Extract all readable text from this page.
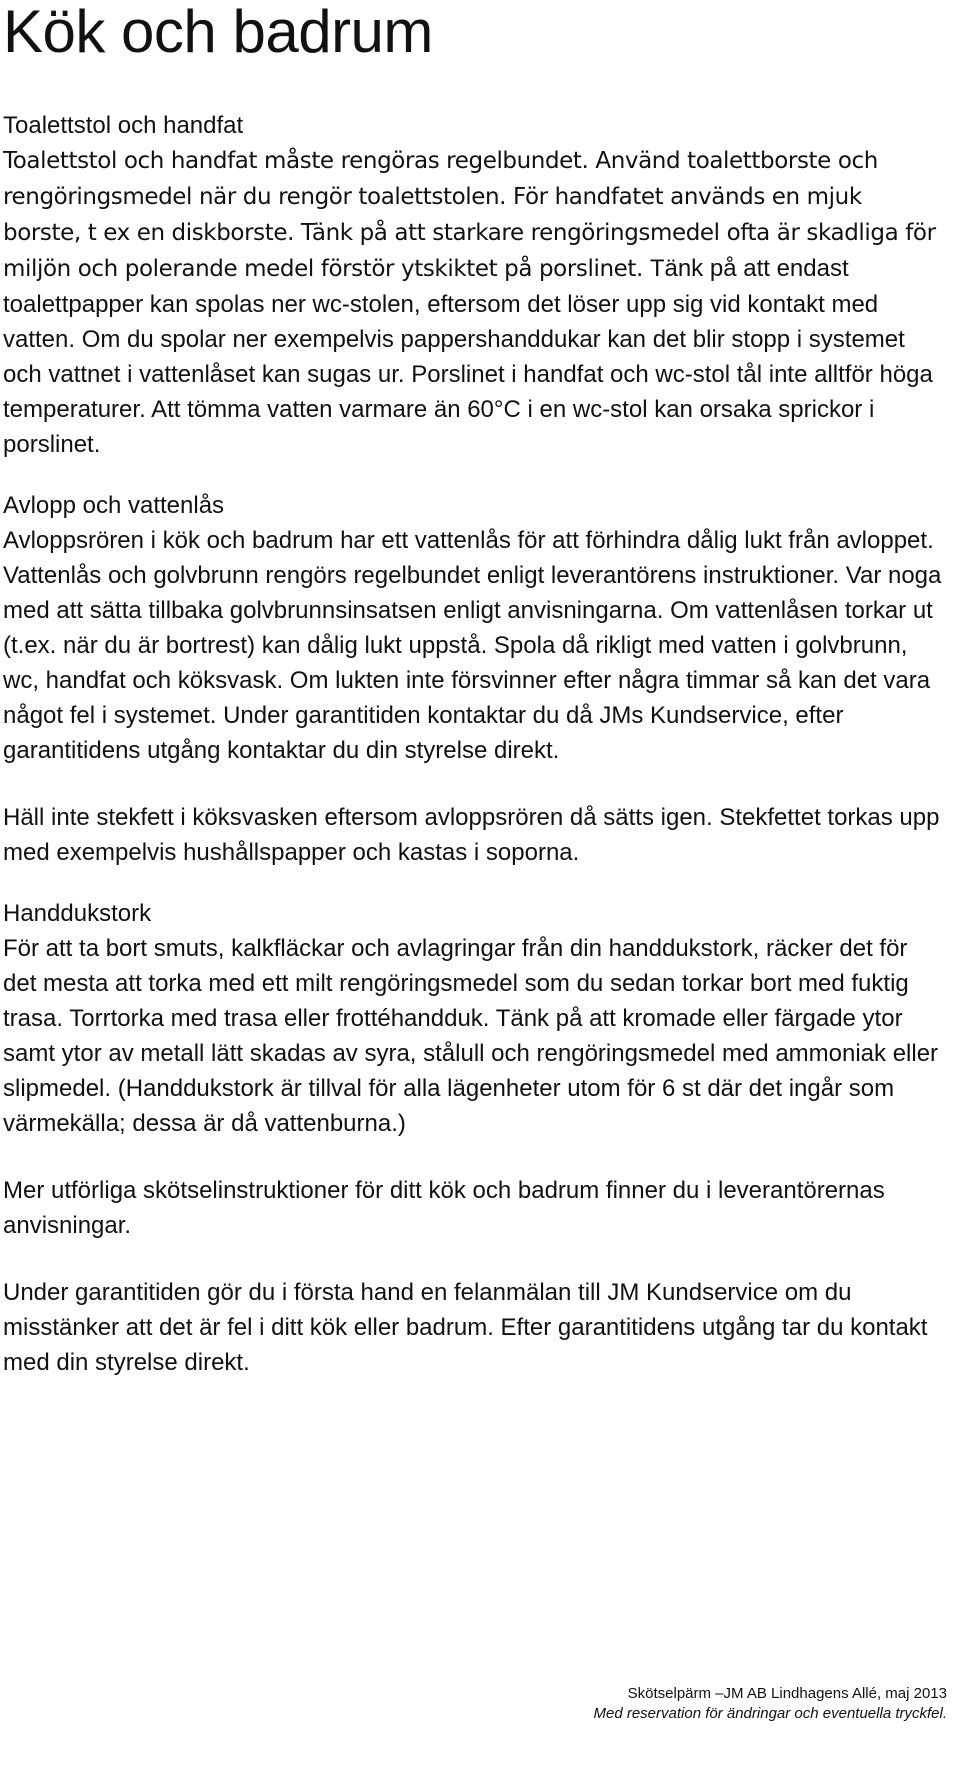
Kök och badrum

Toalettstol och handfat

Toalettstol och handfat måste rengöras regelbundet. Använd toalettborste och rengöringsmedel när du rengör toalettstolen. För handfatet används en mjuk borste, t ex en diskborste. Tänk på att starkare rengöringsmedel ofta är skadliga för miljön och polerande medel förstör ytskiktet på porslinet. Tänk på att endast toalettpapper kan spolas ner wc-stolen, eftersom det löser upp sig vid kontakt med vatten. Om du spolar ner exempelvis pappershanddukar kan det blir stopp i systemet och vattnet i vattenlåset kan sugas ur. Porslinet i handfat och wc-stol tål inte alltför höga temperaturer. Att tömma vatten varmare än 60°C i en wc-stol kan orsaka sprickor i porslinet.

Avlopp och vattenlås

Avloppsrören i kök och badrum har ett vattenlås för att förhindra dålig lukt från avloppet. Vattenlås och golvbrunn rengörs regelbundet enligt leverantörens instruktioner. Var noga med att sätta tillbaka golvbrunnsinsatsen enligt anvisningarna. Om vattenlåsen torkar ut (t.ex. när du är bortrest) kan dålig lukt uppstå. Spola då rikligt med vatten i golvbrunn, wc, handfat och köksvask. Om lukten inte försvinner efter några timmar så kan det vara något fel i systemet. Under garantitiden kontaktar du då JMs Kundservice, efter garantitidens utgång kontaktar du din styrelse direkt.

Häll inte stekfett i köksvasken eftersom avloppsrören då sätts igen. Stekfettet torkas upp med exempelvis hushållspapper och kastas i soporna.

Handdukstork

För att ta bort smuts, kalkfläckar och avlagringar från din handdukstork, räcker det för det mesta att torka med ett milt rengöringsmedel som du sedan torkar bort med fuktig trasa. Torrtorka med trasa eller frottéhandduk. Tänk på att kromade eller färgade ytor samt ytor av metall lätt skadas av syra, stålull och rengöringsmedel med ammoniak eller slipmedel. (Handdukstork är tillval för alla lägenheter utom för 6 st där det ingår som värmekälla; dessa är då vattenburna.)

Mer utförliga skötselinstruktioner för ditt kök och badrum finner du i leverantörernas anvisningar.

Under garantitiden gör du i första hand en felanmälan till JM Kundservice om du misstänker att det är fel i ditt kök eller badrum. Efter garantitidens utgång tar du kontakt med din styrelse direkt.

Skötselpärm –JM AB Lindhagens Allé, maj 2013
Med reservation för ändringar och eventuella tryckfel.
